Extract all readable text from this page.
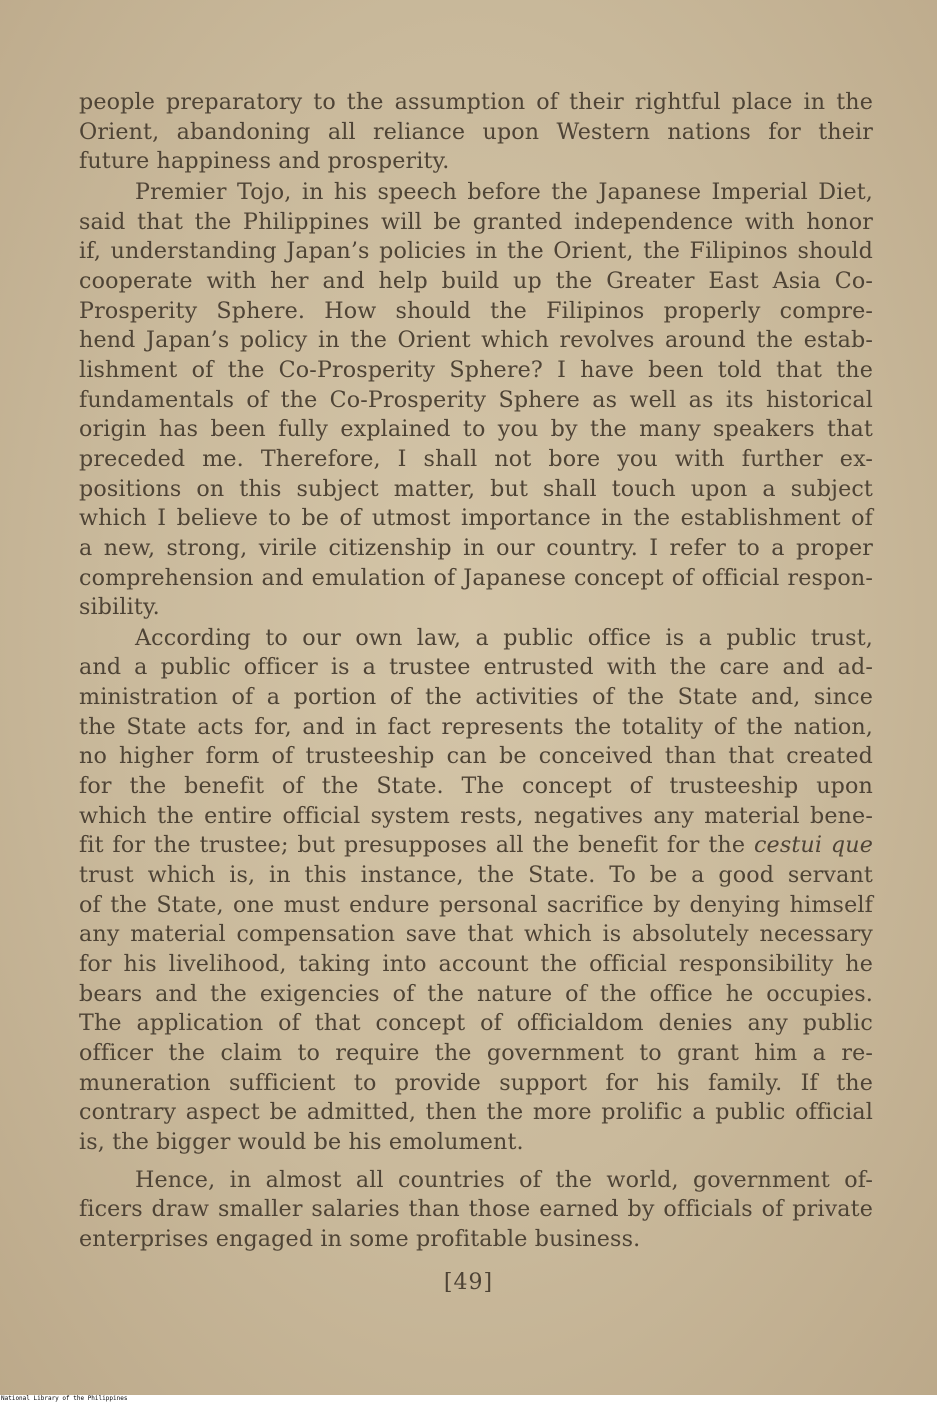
people preparatory to the assumption of their rightful place in the
Orient, abandoning all reliance upon Western nations for their
future happiness and prosperity.

Premier Tojo, in his speech before the Japanese Imperial Diet,
said that the Philippines will be granted independence with honor
if, understanding Japan’s policies in the Orient, the Filipinos should
cooperate with her and help build up the Greater East Asia Co-
Prosperity Sphere. How should the Filipinos properly compre-
hend Japan’s policy in the Orient which revolves around the estab-
lishment of the Co-Prosperity Sphere? I have been told that the
fundamentals of the Co-Prosperity Sphere as well as its historical
origin has been fully explained to you by the many speakers that
preceded me. Therefore, I shall not bore you with further ex-
positions on this subject matter, but shall touch upon a subject
which I believe to be of utmost importance in the establishment of
a new, strong, virile citizenship in our country. I refer to a proper
comprehension and emulation of Japanese concept of official respon-
sibility.

According to our own law, a public office is a public trust,
and a public officer is a trustee entrusted with the care and ad-
ministration of a portion of the activities of the State and, since
the State acts for, and in fact represents the totality of the nation,
no higher form of trusteeship can be conceived than that created
for the benefit of the State. The concept of trusteeship upon
which the entire official system rests, negatives any material bene-
fit for the trustee; but presupposes all the benefit for the cestui que
trust which is, in this instance, the State. To be a good servant
of the State, one must endure personal sacrifice by denying himself
any material compensation save that which is absolutely necessary
for his livelihood, taking into account the official responsibility he
bears and the exigencies of the nature of the office he occupies.
The application of that concept of officialdom denies any public
officer the claim to require the government to grant him a re-
muneration sufficient to provide support for his family. If the
contrary aspect be admitted, then the more prolific a public official
is, the bigger would be his emolument.

Hence, in almost all countries of the world, government of-
ficers draw smaller salaries than those earned by officials of private
enterprises engaged in some profitable business.

[49]
National Library of the Philippines
